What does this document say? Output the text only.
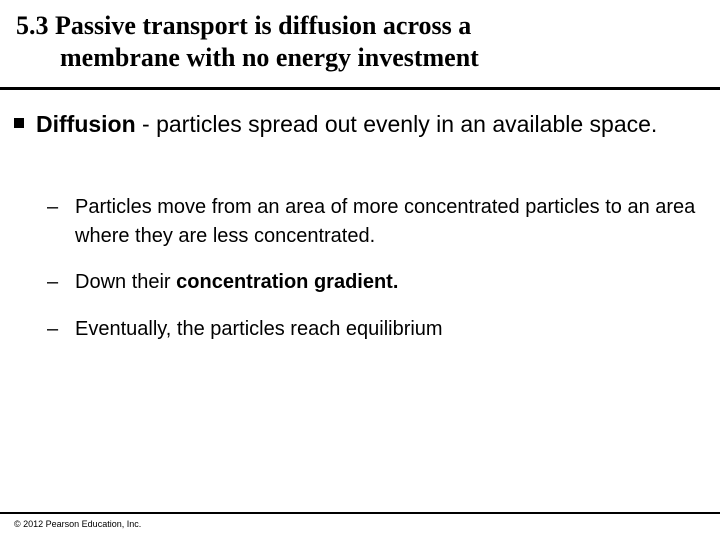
5.3 Passive transport is diffusion across a
membrane with no energy investment
Diffusion - particles spread out evenly in an available space.
– Particles move from an area of more concentrated particles to an area where they are less concentrated.
– Down their concentration gradient.
– Eventually, the particles reach equilibrium
© 2012 Pearson Education, Inc.
